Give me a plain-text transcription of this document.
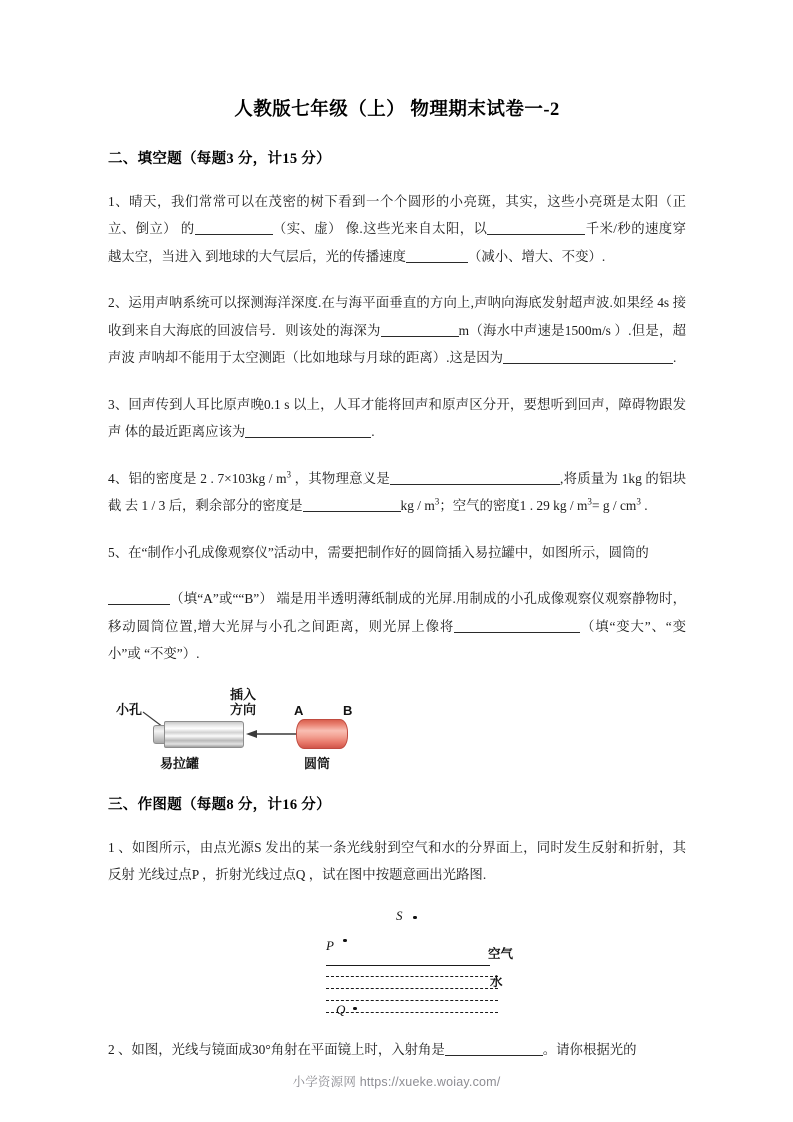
人教版七年级（上） 物理期末试卷一-2
二、填空题（每题3 分，计15 分）

1、晴天，我们常常可以在茂密的树下看到一个个圆形的小亮斑，其实，这些小亮斑是太阳（正 立、倒立） 的	（实、虚） 像.这些光来自太阳，以	千米/秒的速度穿越太空，当进入 到地球的大气层后，光的传播速度	（减小、增大、不变）.

2、运用声呐系统可以探测海洋深度.在与海平面垂直的方向上,声呐向海底发射超声波.如果经 4s 接收到来自大海底的回波信号．则该处的海深为	m（海水中声速是1500m/s ）.但是，超声波 声呐却不能用于太空测距（比如地球与月球的距离）.这是因为	.

3、回声传到人耳比原声晚0.1 s 以上，人耳才能将回声和原声区分开，要想听到回声，障碍物跟发声 体的最近距离应该为	.

4、铝的密度是 2 . $7\times 103kg / m^3$ ，其物理意义是	,将质量为 1kg 的铝块截 去 1 / 3 后，剩余部分的密度是	kg / $m^3$；空气的密度1 . 29 kg / $m^3= g / cm^3$ .

5、在“制作小孔成像观察仪”活动中，需要把制作好的圆筒插入易拉罐中，如图所示，圆筒的

（填“A”或““B”） 端是用半透明薄纸制成的光屏.用制成的小孔成像观察仪观察静物时， 移动圆筒位置,增大光屏与小孔之间距离，则光屏上像将	（填“变大”、“变小”或 “不变”）.

小孔
插入
方向	A	B
易拉罐	圆筒
三、作图题（每题8 分，计16 分）

1 、如图所示，由点光源S 发出的某一条光线射到空气和水的分界面上，同时发生反射和折射，其反射 光线过点P ，折射光线过点Q ，试在图中按题意画出光路图.

S
P
空气
水
Q

2 、如图，光线与镜面成30°角射在平面镜上时，入射角是	。请你根据光的

小学资源网 https://xueke.woiay.com/
